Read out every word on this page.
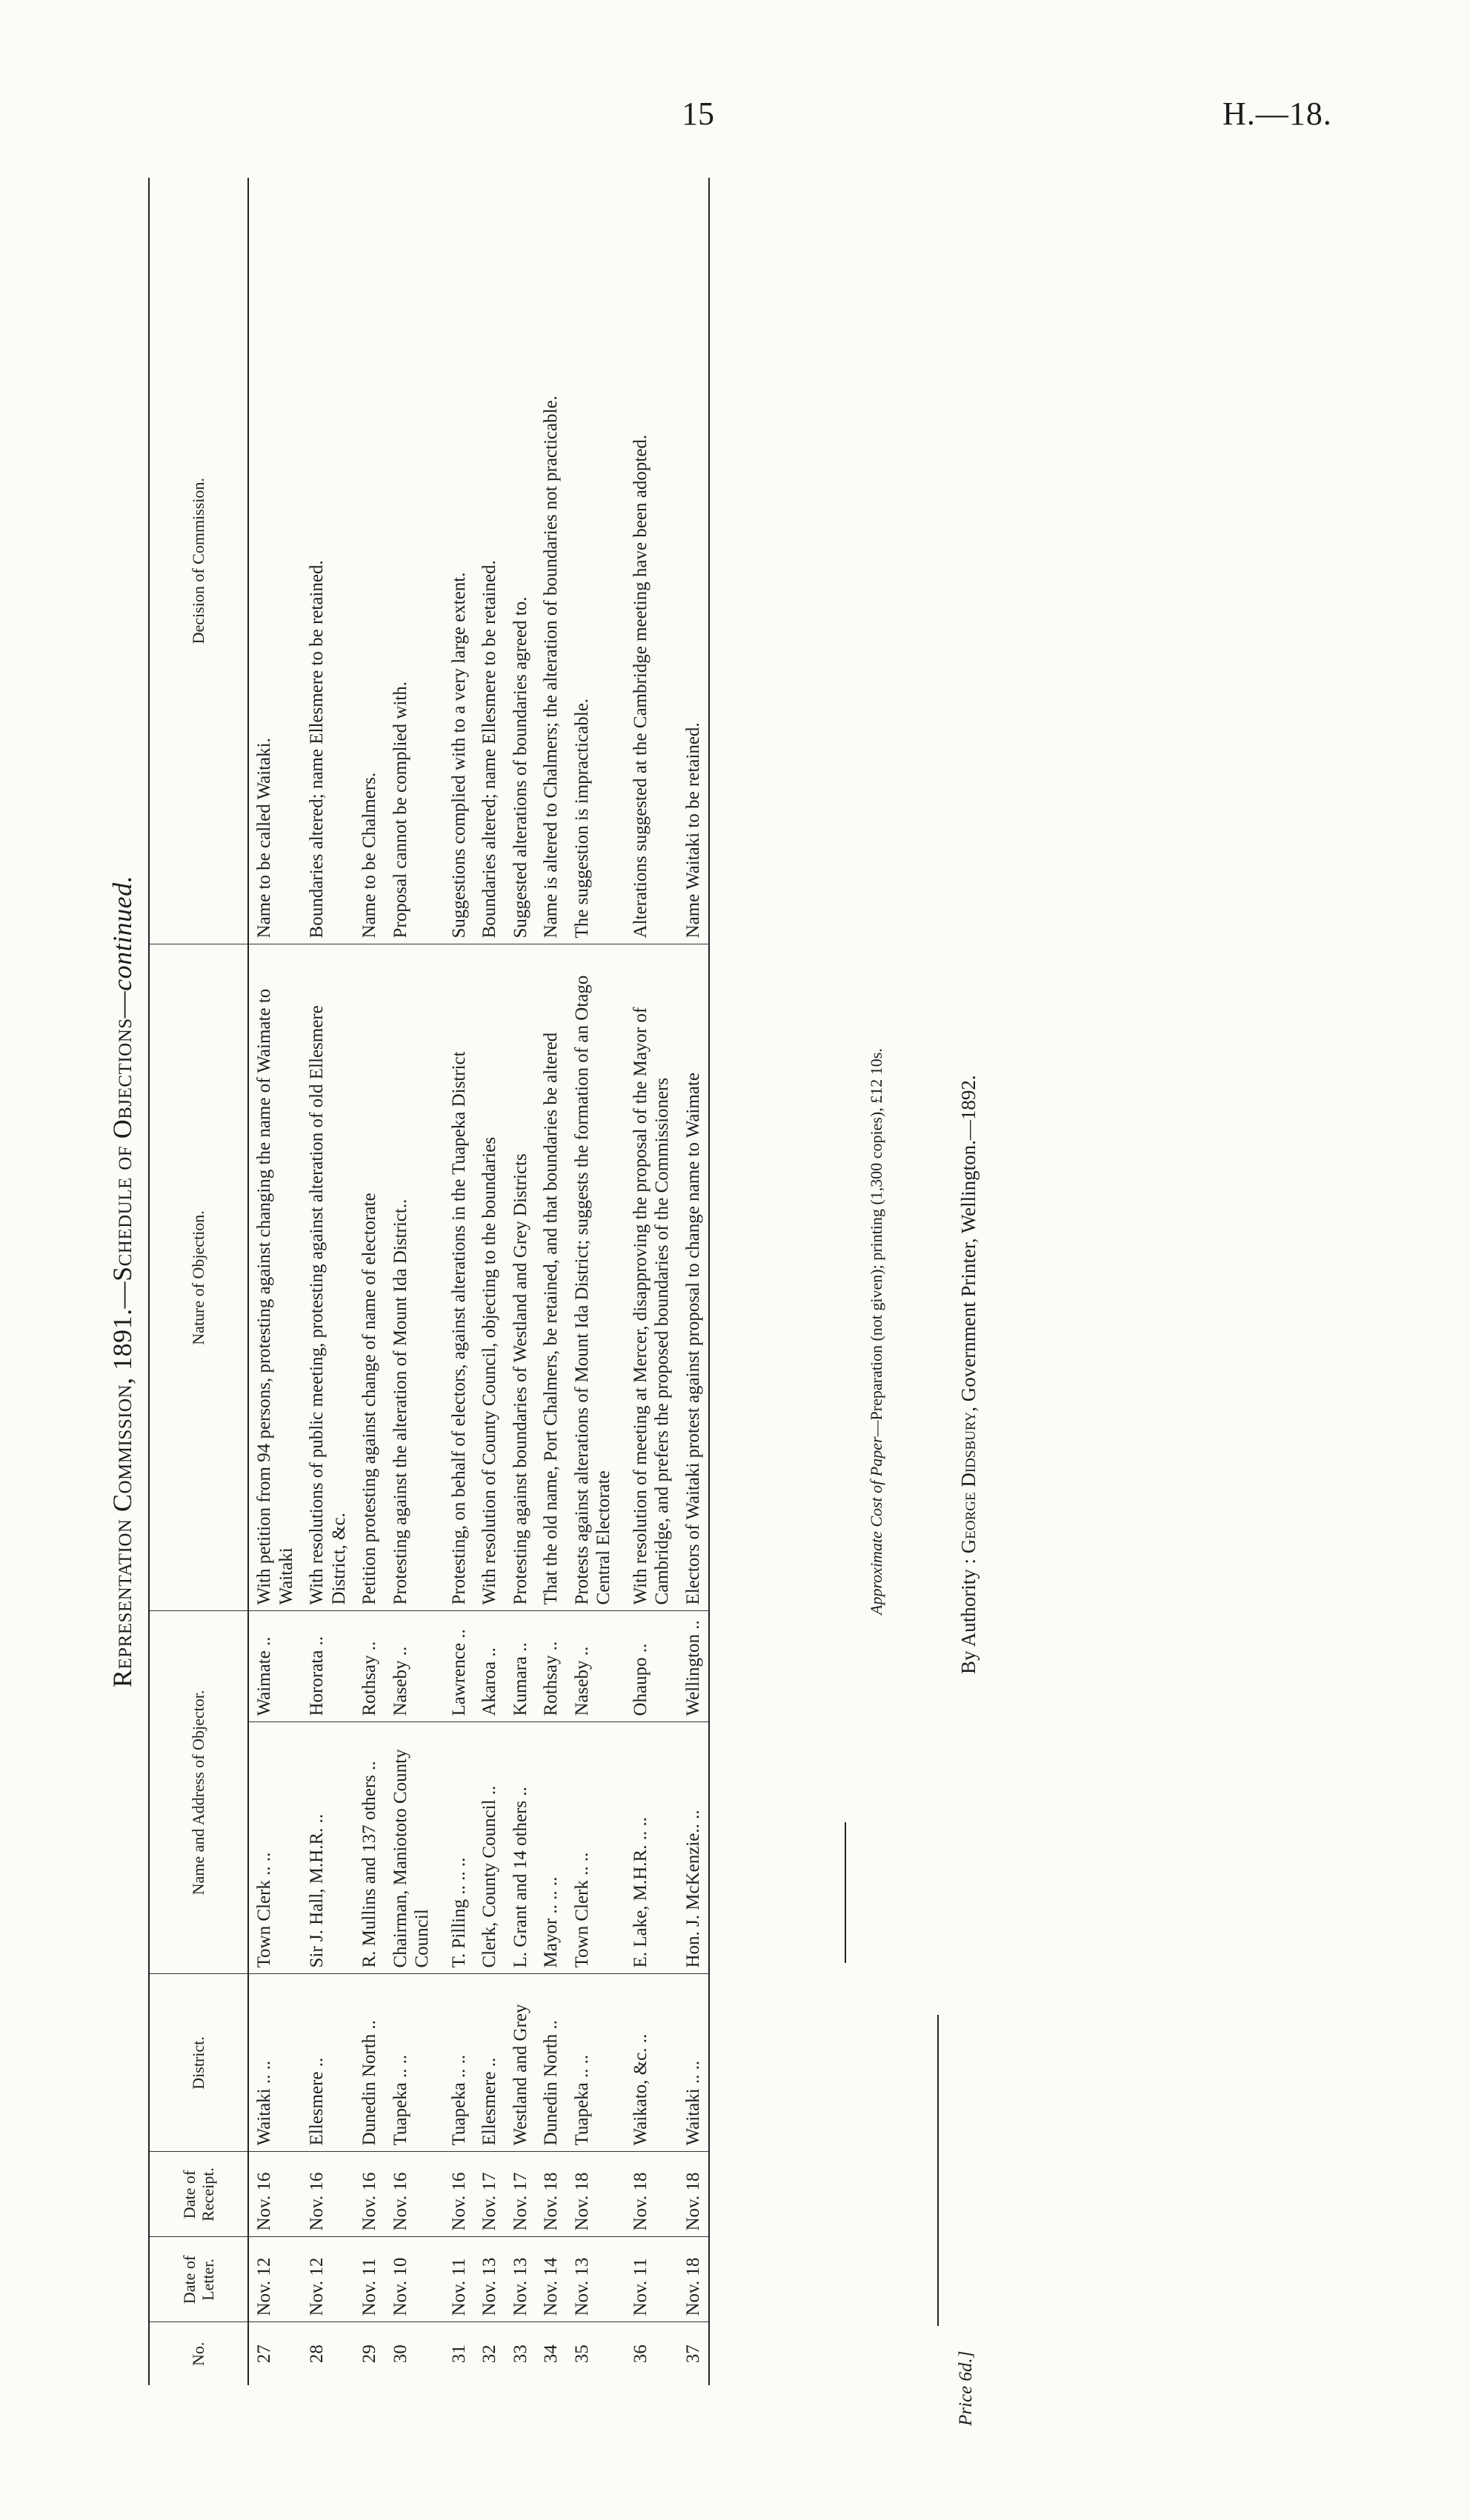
15	H.—18.
Representation Commission, 1891.—Schedule of Objections—continued.
No.	Date of Letter.	Date of Receipt.	District.	Name and Address of Objector.		Nature of Objection.	Decision of Commission.
27	Nov. 12	Nov. 16	Waitaki .. ..	Town Clerk .. ..	Waimate ..	With petition from 94 persons, protesting against changing the name of Waimate to Waitaki	Name to be called Waitaki.
28	Nov. 12	Nov. 16	Ellesmere ..	Sir J. Hall, M.H.R. ..	Hororata ..	With resolutions of public meeting, protesting against alteration of old Ellesmere District, &c.	Boundaries altered; name Ellesmere to be retained.
29	Nov. 11	Nov. 16	Dunedin North ..	R. Mullins and 137 others ..	Rothsay ..	Petition protesting against change of name of electorate	Name to be Chalmers.
30	Nov. 10	Nov. 16	Tuapeka .. ..	Chairman, Maniototo County Council	Naseby ..	Protesting against the alteration of Mount Ida District..	Proposal cannot be complied with.
31	Nov. 11	Nov. 16	Tuapeka .. ..	T. Pilling .. .. ..	Lawrence ..	Protesting, on behalf of electors, against alterations in the Tuapeka District	Suggestions complied with to a very large extent.
32	Nov. 13	Nov. 17	Ellesmere ..	Clerk, County Council ..	Akaroa ..	With resolution of County Council, objecting to the boundaries	Boundaries altered; name Ellesmere to be retained.
33	Nov. 13	Nov. 17	Westland and Grey	L. Grant and 14 others ..	Kumara ..	Protesting against boundaries of Westland and Grey Districts	Suggested alterations of boundaries agreed to.
34	Nov. 14	Nov. 18	Dunedin North ..	Mayor .. .. ..	Rothsay ..	That the old name, Port Chalmers, be retained, and that boundaries be altered	Name is altered to Chalmers; the alteration of boundaries not practicable.
35	Nov. 13	Nov. 18	Tuapeka .. ..	Town Clerk .. ..	Naseby ..	Protests against alterations of Mount Ida District; suggests the formation of an Otago Central Electorate	The suggestion is impracticable.
36	Nov. 11	Nov. 18	Waikato, &c. ..	E. Lake, M.H.R. .. ..	Ohaupo ..	With resolution of meeting at Mercer, disapproving the proposal of the Mayor of Cambridge, and prefers the proposed boundaries of the Commissioners	Alterations suggested at the Cambridge meeting have been adopted.
37	Nov. 18	Nov. 18	Waitaki .. ..	Hon. J. McKenzie.. ..	Wellington ..	Electors of Waitaki protest against proposal to change name to Waimate	Name Waitaki to be retained.
Approximate Cost of Paper—Preparation (not given); printing (1,300 copies), £12 10s.
By Authority : George Didsbury, Government Printer, Wellington.—1892.
Price 6d.]
